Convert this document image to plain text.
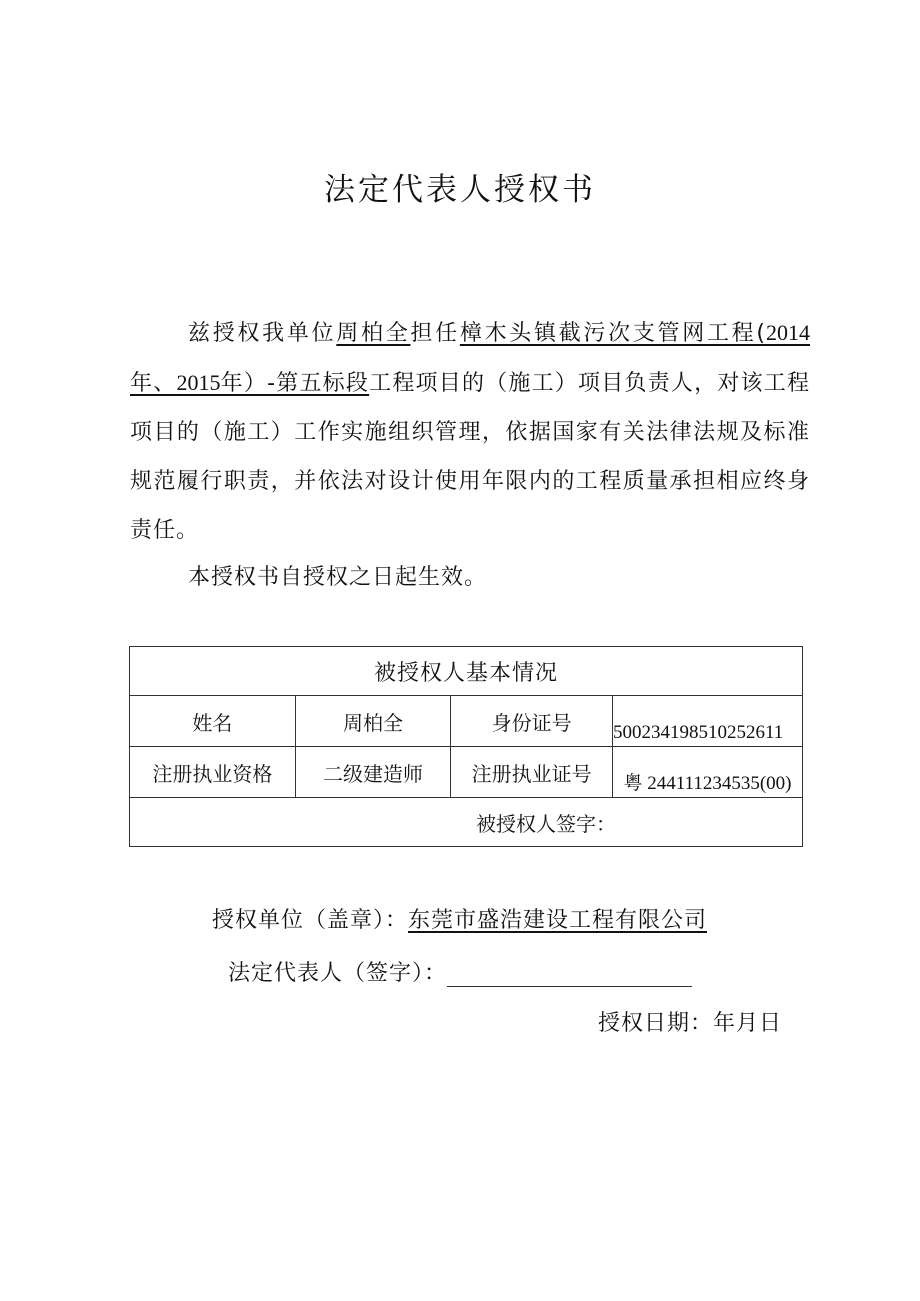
法定代表人授权书
兹授权我单位周柏全担任樟木头镇截污次支管网工程(2014年、2015年）-第五标段工程项目的（施工）项目负责人，对该工程项目的（施工）工作实施组织管理，依据国家有关法律法规及标准规范履行职责，并依法对设计使用年限内的工程质量承担相应终身责任。
本授权书自授权之日起生效。
被授权人基本情况			
姓名	周柏全	身份证号	500234198510252611
注册执业资格	二级建造师	注册执业证号	粤 244111234535(00)
被授权人签字：			
授权单位（盖章）：东莞市盛浩建设工程有限公司
法定代表人（签字）：
授权日期：年月日
